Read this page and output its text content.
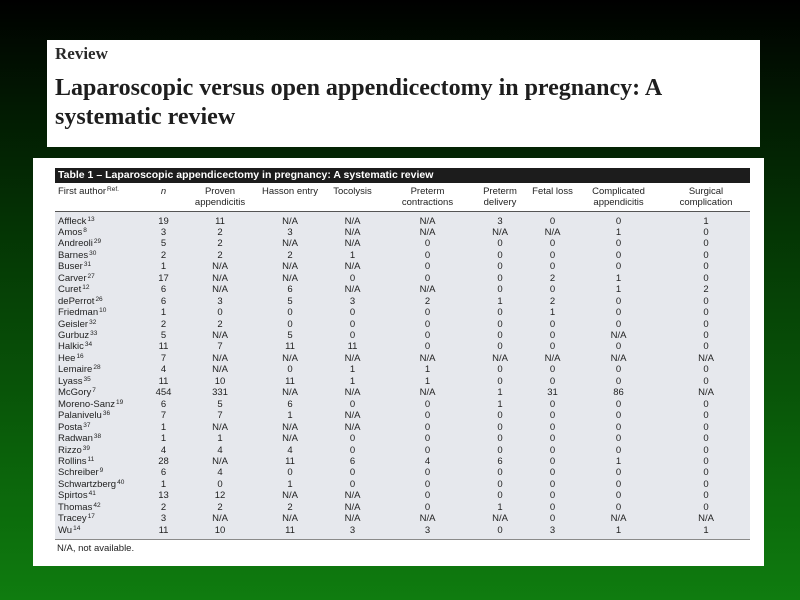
Review
Laparoscopic versus open appendicectomy in pregnancy: A systematic review
Table 1 – Laparoscopic appendicectomy in pregnancy: A systematic review
First author$^{Ref.}$	n	Proven appendicitis	Hasson entry	Tocolysis	Preterm contractions	Preterm delivery	Fetal loss	Complicated appendicitis	Surgical complication

Affleck$^{13}$	19	11	N/A	N/A	N/A	3	0	0	1
Amos$^8$	3	2	3	N/A	N/A	N/A	N/A	1	0
Andreoli$^{29}$	5	2	N/A	N/A	0	0	0	0	0
Barnes$^{30}$	2	2	2	1	0	0	0	0	0
Buser$^{31}$	1	N/A	N/A	N/A	0	0	0	0	0
Carver$^{27}$	17	N/A	N/A	0	0	0	2	1	0
Curet$^{12}$	6	N/A	6	N/A	N/A	0	0	1	2
dePerrot$^{26}$	6	3	5	3	2	1	2	0	0
Friedman$^{10}$	1	0	0	0	0	0	1	0	0
Geisler$^{32}$	2	2	0	0	0	0	0	0	0
Gurbuz$^{33}$	5	N/A	5	0	0	0	0	N/A	0
Halkic$^{34}$	11	7	11	11	0	0	0	0	0
Hee$^{16}$	7	N/A	N/A	N/A	N/A	N/A	N/A	N/A	N/A
Lemaire$^{28}$	4	N/A	0	1	1	0	0	0	0
Lyass$^{35}$	11	10	11	1	1	0	0	0	0
McGory$^7$	454	331	N/A	N/A	N/A	1	31	86	N/A
Moreno-Sanz$^{19}$	6	5	6	0	0	1	0	0	0
Palanivelu$^{36}$	7	7	1	N/A	0	0	0	0	0
Posta$^{37}$	1	N/A	N/A	N/A	0	0	0	0	0
Radwan$^{38}$	1	1	N/A	0	0	0	0	0	0
Rizzo$^{39}$	4	4	4	0	0	0	0	0	0
Rollins$^{11}$	28	N/A	11	6	4	6	0	1	0
Schreiber$^9$	6	4	0	0	0	0	0	0	0
Schwartzberg$^{40}$	1	0	1	0	0	0	0	0	0
Spirtos$^{41}$	13	12	N/A	N/A	0	0	0	0	0
Thomas$^{42}$	2	2	2	N/A	0	1	0	0	0
Tracey$^{17}$	3	N/A	N/A	N/A	N/A	N/A	0	N/A	N/A
Wu$^{14}$	11	10	11	3	3	0	3	1	1

N/A, not available.
